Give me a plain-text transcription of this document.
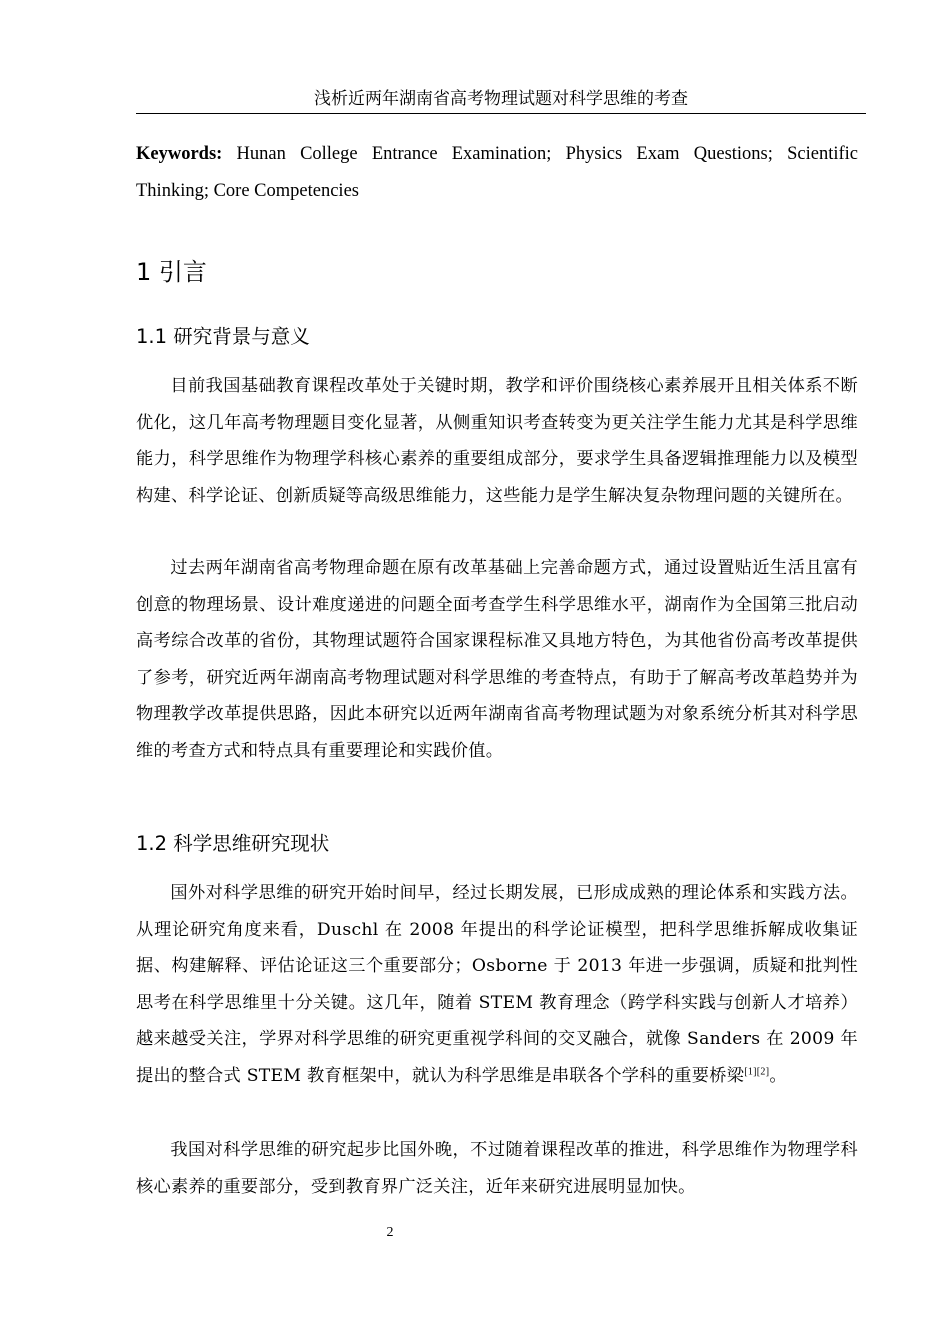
浅析近两年湖南省高考物理试题对科学思维的考查
Keywords: Hunan College Entrance Examination; Physics Exam Questions; Scientific Thinking; Core Competencies
1 引言
1.1 研究背景与意义

目前我国基础教育课程改革处于关键时期，教学和评价围绕核心素养展开且相关体系不断优化，这几年高考物理题目变化显著，从侧重知识考查转变为更关注学生能力尤其是科学思维能力，科学思维作为物理学科核心素养的重要组成部分，要求学生具备逻辑推理能力以及模型构建、科学论证、创新质疑等高级思维能力，这些能力是学生解决复杂物理问题的关键所在。

过去两年湖南省高考物理命题在原有改革基础上完善命题方式，通过设置贴近生活且富有创意的物理场景、设计难度递进的问题全面考查学生科学思维水平，湖南作为全国第三批启动高考综合改革的省份，其物理试题符合国家课程标准又具地方特色，为其他省份高考改革提供了参考，研究近两年湖南高考物理试题对科学思维的考查特点，有助于了解高考改革趋势并为物理教学改革提供思路，因此本研究以近两年湖南省高考物理试题为对象系统分析其对科学思维的考查方式和特点具有重要理论和实践价值。

1.2 科学思维研究现状

国外对科学思维的研究开始时间早，经过长期发展，已形成成熟的理论体系和实践方法。从理论研究角度来看，Duschl 在 2008 年提出的科学论证模型，把科学思维拆解成收集证据、构建解释、评估论证这三个重要部分；Osborne 于 2013 年进一步强调，质疑和批判性思考在科学思维里十分关键。这几年，随着 STEM 教育理念（跨学科实践与创新人才培养）越来越受关注，学界对科学思维的研究更重视学科间的交叉融合，就像 Sanders 在 2009 年提出的整合式 STEM 教育框架中，就认为科学思维是串联各个学科的重要桥梁[1][2]。

我国对科学思维的研究起步比国外晚，不过随着课程改革的推进，科学思维作为物理学科核心素养的重要部分，受到教育界广泛关注，近年来研究进展明显加快。

2
